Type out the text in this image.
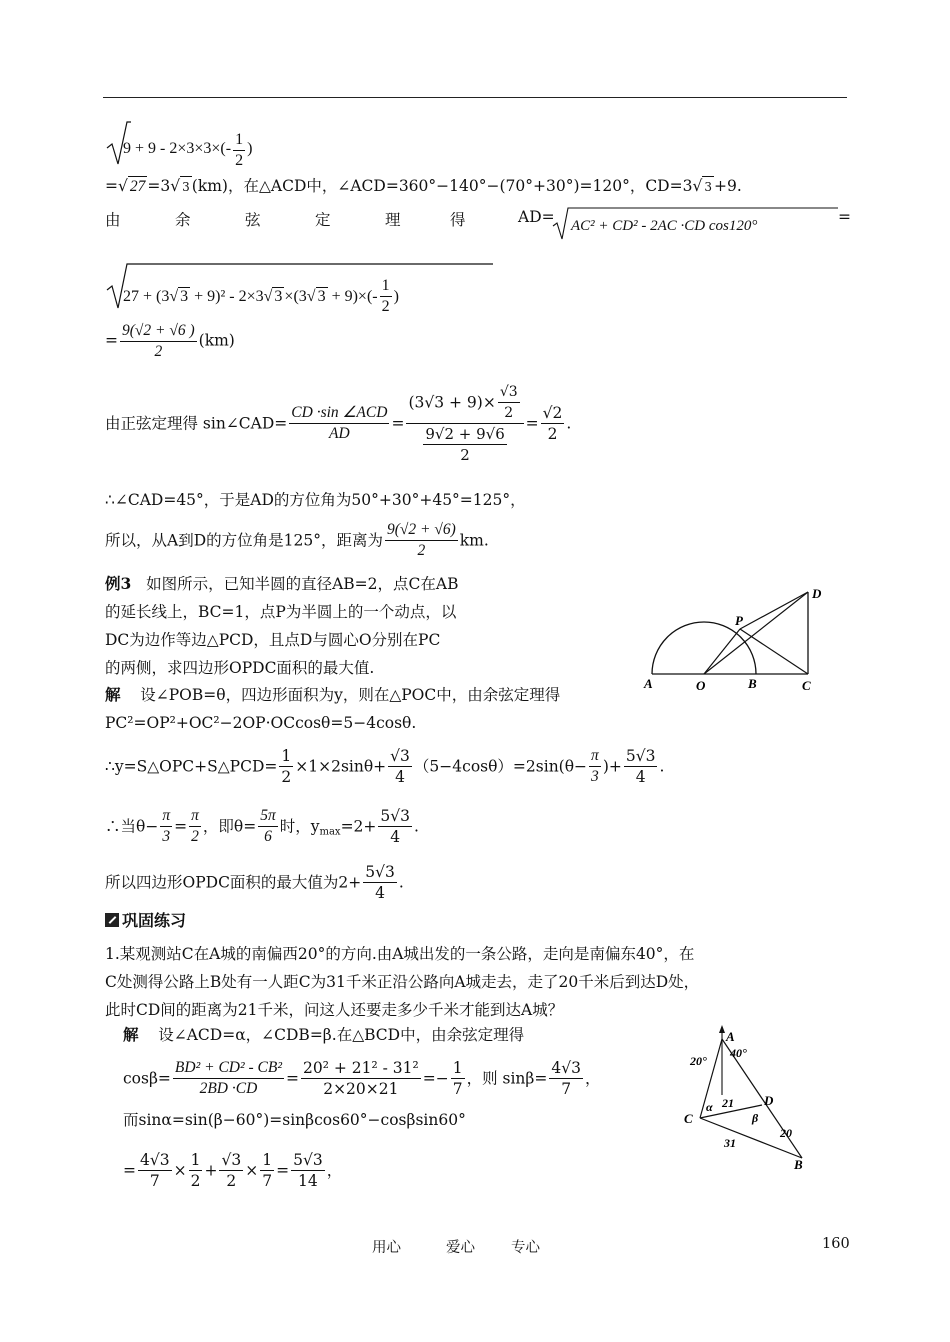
$9 + 9 - 2\times 3\times 3\times(- \frac{1}{2}$ )
=√ 27 =3√ 3 (km)，在△ACD中，∠ACD=360°−140°−(70°+30°)=120°，CD=3√ 3 +9.
由	余	弦	定	理	得	AD= AC² + CD² - 2AC ·CD cos120°	=
27 + (3√ 3 + 9)² - 2×3√ 3 ×(3√ $3 + 9)\times(- \frac{1}{2}$ )
= $\frac{9(√2 + √6 )}{2} (km)$
由正弦定理得 sin∠CAD= $\frac{\text{CD ·sin ∠ACD}}{AD} = \frac{(3√3 + 9)\times \frac{√3}{2}}{\frac{9√2 + 9√6}{2}} = \frac{√2}{2}$ .
∴∠CAD=45°，于是AD的方位角为50°+30°+45°=125°，
所以，从A到D的方位角是125°，距离为 $\frac{9(√2 + √6)}{2}$ km.
例3 如图所示，已知半圆的直径AB=2，点C在AB
的延长线上，BC=1，点P为半圆上的一个动点，以
DC为边作等边△PCD，且点D与圆心O分别在PC
的两侧，求四边形OPDC面积的最大值.
解 设∠POB=θ，四边形面积为y，则在△POC中，由余弦定理得
PC²=OP²+OC²−2OP·OCcosθ=5−4cosθ.
A	O	B	C
P
D
∴y=S△OPC+S△PCD= $\frac{1}{2} \times 1\times 2\sin\theta+ \frac{√3}{4} (5-4\cos\theta)=2\sin(\theta- \frac{\pi}{3}$ )+ $\frac{5√3}{4}$ .
∴当$\theta- \frac{\pi}{3} = \frac{\pi}{2}$ ，即$\theta= \frac{5\pi}{6}$ 时，$y_{max}=2+ \frac{5√3}{4}$ .
所以四边形OPDC面积的最大值为$2+ \frac{5√3}{4}$ .
巩固练习
1.某观测站C在A城的南偏西20°的方向.由A城出发的一条公路，走向是南偏东40°，在
C处测得公路上B处有一人距C为31千米正沿公路向A城走去，走了20千米后到达D处，
此时CD间的距离为21千米，问这人还要走多少千米才能到达A城？
解 设∠ACD=α，∠CDB=β.在△BCD中，由余弦定理得
$\cos\beta= \frac{\text{BD² + CD² - CB²}}{2BD \cdot CD} = \frac{\text{20² + 21² - 31²}}{2\times 20\times 21} =- \frac{1}{7}$ ，则 $\sin\beta= \frac{4√3}{7}$ ，
而sinα=sin(β−60°)=sinβcos60°−cosβsin60°
= $\frac{4√3}{7} \times \frac{1}{2} + \frac{√3}{2} \times \frac{1}{7} = \frac{5√3}{14}$ ，
A
20°
40°
C
α 21 D
β
20
31
B
用心	爱心 专心	160
